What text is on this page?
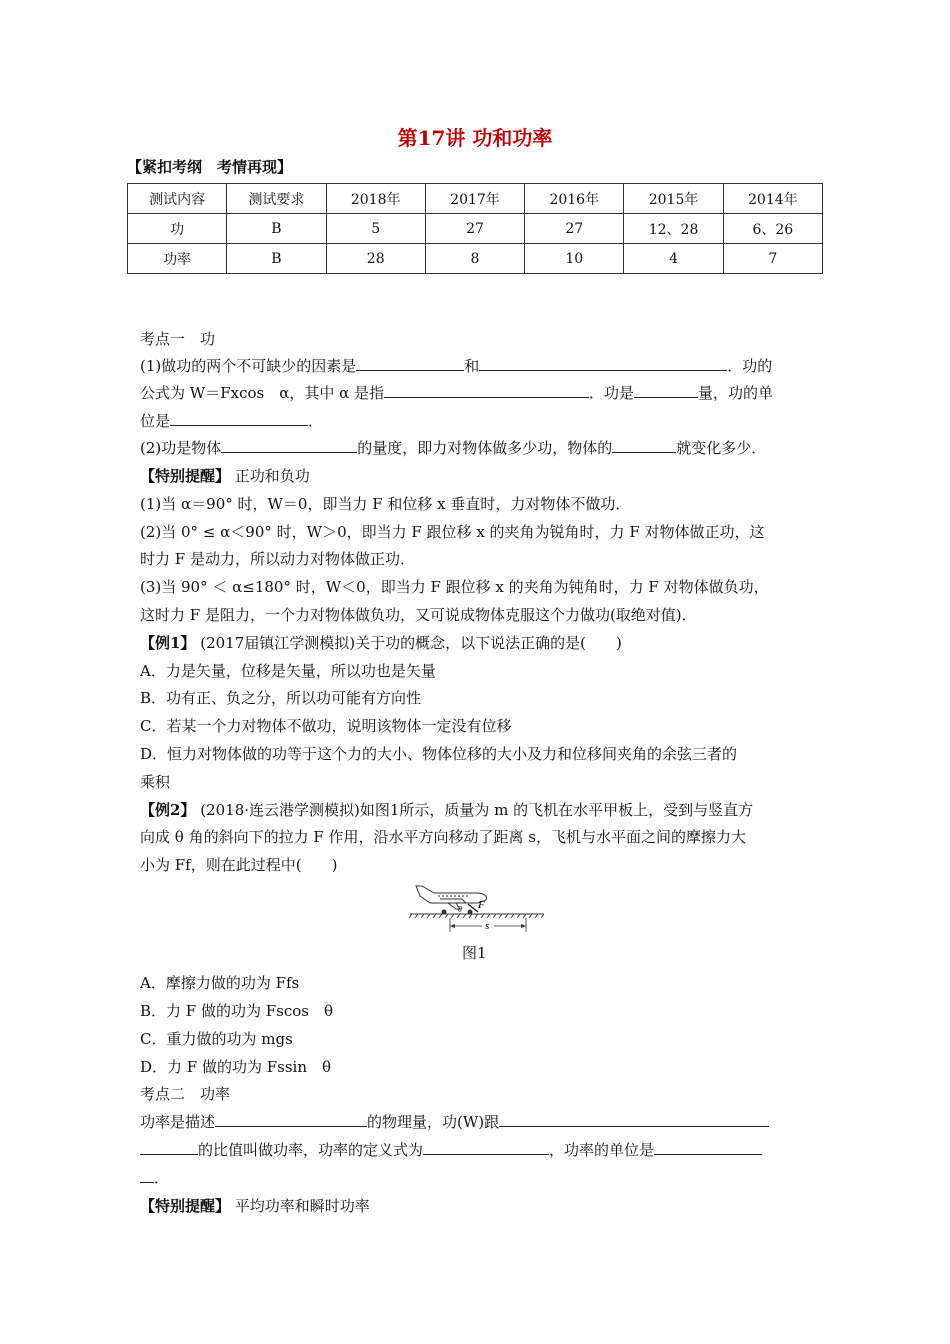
第17讲 功和功率
【紧扣考纲　考情再现】
测试内容	测试要求	2018年	2017年	2016年	2015年	2014年
功	B	5	27	27	12、28	6、26
功率	B	28	8	10	4	7
考点一　功
(1)做功的两个不可缺少的因素是	和	．功的
公式为 W＝Fxcos　α，其中 α 是指	．功是	量，功的单
位是	．
(2)功是物体	的量度，即力对物体做多少功，物体的	就变化多少．
【特别提醒】 正功和负功
(1)当 α＝90° 时，W＝0，即当力 F 和位移 x 垂直时，力对物体不做功．
(2)当 0° ≤ α＜90° 时，W＞0，即当力 F 跟位移 x 的夹角为锐角时，力 F 对物体做正功，这
时力 F 是动力，所以动力对物体做正功．
(3)当 90° ＜ α≤180° 时，W＜0，即当力 F 跟位移 x 的夹角为钝角时，力 F 对物体做负功，
这时力 F 是阻力，一个力对物体做负功，又可说成物体克服这个力做功(取绝对值)．
【例1】 (2017届镇江学测模拟)关于功的概念，以下说法正确的是(　　)
A．力是矢量，位移是矢量，所以功也是矢量
B．功有正、负之分，所以功可能有方向性
C．若某一个力对物体不做功，说明该物体一定没有位移
D．恒力对物体做的功等于这个力的大小、物体位移的大小及力和位移间夹角的余弦三者的
乘积
【例2】 (2018·连云港学测模拟)如图1所示，质量为 m 的飞机在水平甲板上，受到与竖直方
向成 θ 角的斜向下的拉力 F 作用，沿水平方向移动了距离 s，飞机与水平面之间的摩擦力大
小为 Ff，则在此过程中(　　)
F
θ
s
图1
A．摩擦力做的功为 Ffs
B．力 F 做的功为 Fscos　θ
C．重力做的功为 mgs
D．力 F 做的功为 Fssin　θ
考点二　功率
功率是描述	的物理量，功(W)跟
的比值叫做功率，功率的定义式为	，功率的单位是
．
【特别提醒】 平均功率和瞬时功率
